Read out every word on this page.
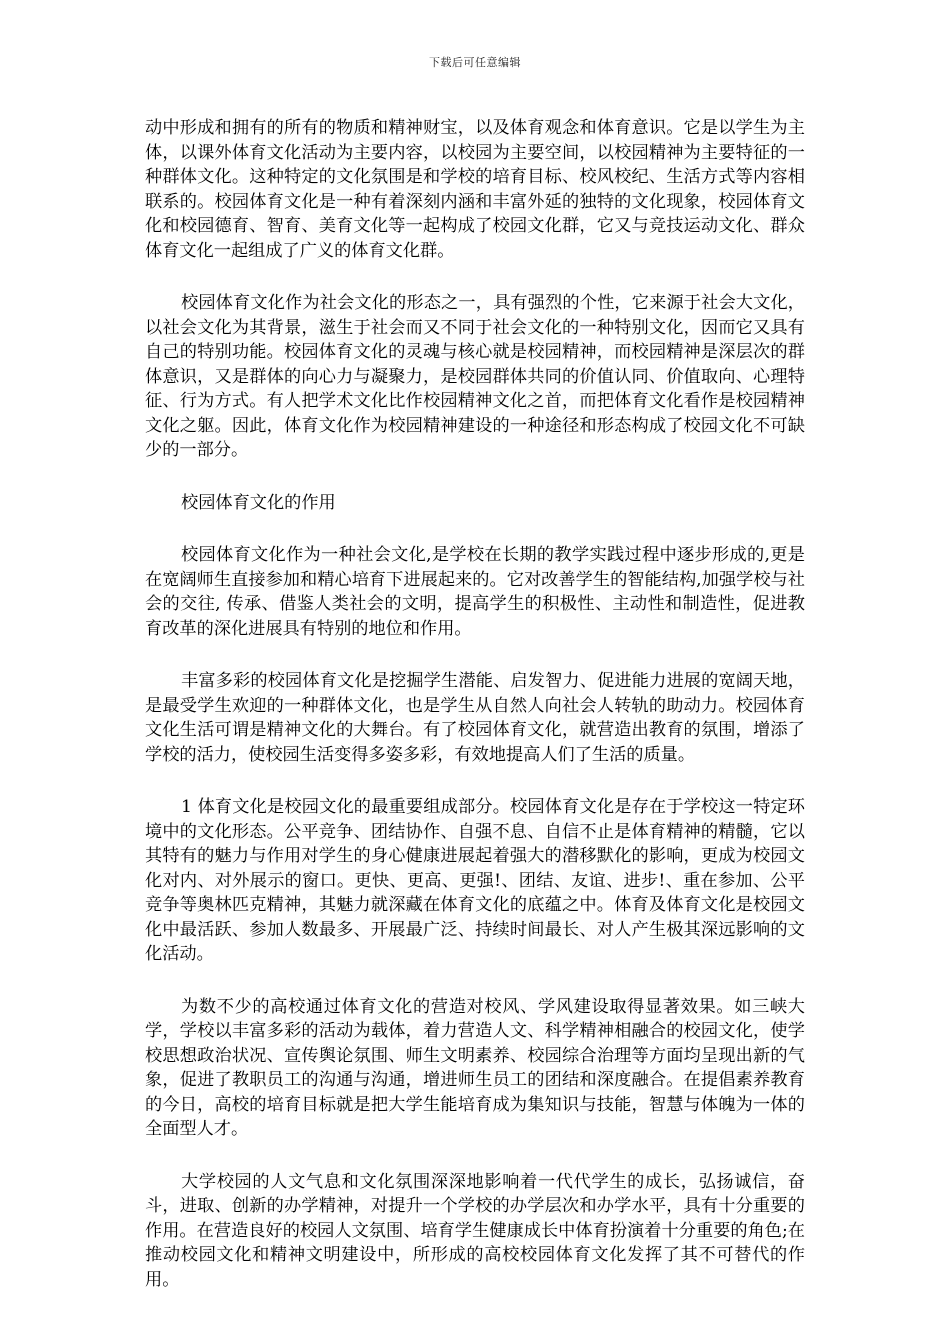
下载后可任意编辑

动中形成和拥有的所有的物质和精神财宝，以及体育观念和体育意识。它是以学生为主体，以课外体育文化活动为主要内容，以校园为主要空间，以校园精神为主要特征的一种群体文化。这种特定的文化氛围是和学校的培育目标、校风校纪、生活方式等内容相联系的。校园体育文化是一种有着深刻内涵和丰富外延的独特的文化现象，校园体育文化和校园德育、智育、美育文化等一起构成了校园文化群，它又与竞技运动文化、群众体育文化一起组成了广义的体育文化群。

校园体育文化作为社会文化的形态之一，具有强烈的个性，它来源于社会大文化，以社会文化为其背景，滋生于社会而又不同于社会文化的一种特别文化，因而它又具有自己的特别功能。校园体育文化的灵魂与核心就是校园精神，而校园精神是深层次的群体意识，又是群体的向心力与凝聚力，是校园群体共同的价值认同、价值取向、心理特征、行为方式。有人把学术文化比作校园精神文化之首，而把体育文化看作是校园精神文化之躯。因此，体育文化作为校园精神建设的一种途径和形态构成了校园文化不可缺少的一部分。

校园体育文化的作用

校园体育文化作为一种社会文化,是学校在长期的教学实践过程中逐步形成的,更是在宽阔师生直接参加和精心培育下进展起来的。它对改善学生的智能结构,加强学校与社会的交往, 传承、借鉴人类社会的文明，提高学生的积极性、主动性和制造性，促进教育改革的深化进展具有特别的地位和作用。

丰富多彩的校园体育文化是挖掘学生潜能、启发智力、促进能力进展的宽阔天地，是最受学生欢迎的一种群体文化，也是学生从自然人向社会人转轨的助动力。校园体育文化生活可谓是精神文化的大舞台。有了校园体育文化，就营造出教育的氛围，增添了学校的活力，使校园生活变得多姿多彩，有效地提高人们了生活的质量。

1 体育文化是校园文化的最重要组成部分。校园体育文化是存在于学校这一特定环境中的文化形态。公平竞争、团结协作、自强不息、自信不止是体育精神的精髓，它以其特有的魅力与作用对学生的身心健康进展起着强大的潜移默化的影响，更成为校园文化对内、对外展示的窗口。更快、更高、更强!、团结、友谊、进步!、重在参加、公平竞争等奥林匹克精神，其魅力就深藏在体育文化的底蕴之中。体育及体育文化是校园文化中最活跃、参加人数最多、开展最广泛、持续时间最长、对人产生极其深远影响的文化活动。

为数不少的高校通过体育文化的营造对校风、学风建设取得显著效果。如三峡大学，学校以丰富多彩的活动为载体，着力营造人文、科学精神相融合的校园文化，使学校思想政治状况、宣传舆论氛围、师生文明素养、校园综合治理等方面均呈现出新的气象，促进了教职员工的沟通与沟通，增进师生员工的团结和深度融合。在提倡素养教育的今日，高校的培育目标就是把大学生能培育成为集知识与技能，智慧与体魄为一体的全面型人才。

大学校园的人文气息和文化氛围深深地影响着一代代学生的成长，弘扬诚信，奋斗，进取、创新的办学精神，对提升一个学校的办学层次和办学水平，具有十分重要的作用。在营造良好的校园人文氛围、培育学生健康成长中体育扮演着十分重要的角色;在推动校园文化和精神文明建设中，所形成的高校校园体育文化发挥了其不可替代的作用。
